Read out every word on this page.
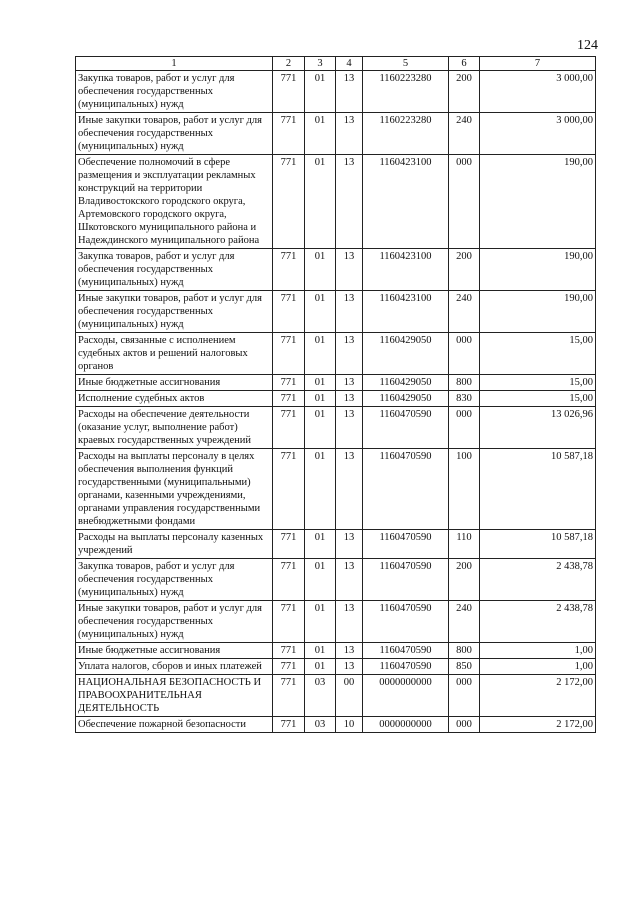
124
1	2	3	4	5	6	7
Закупка товаров, работ и услуг для обеспечения государственных (муниципальных) нужд	771	01	13	1160223280	200	3 000,00
Иные закупки товаров, работ и услуг для обеспечения государственных (муниципальных) нужд	771	01	13	1160223280	240	3 000,00
Обеспечение полномочий в сфере размещения и эксплуатации рекламных конструкций на территории Владивостокского городского округа, Артемовского городского округа, Шкотовского муниципального района и Надеждинского муниципального района	771	01	13	1160423100	000	190,00
Закупка товаров, работ и услуг для обеспечения государственных (муниципальных) нужд	771	01	13	1160423100	200	190,00
Иные закупки товаров, работ и услуг для обеспечения государственных (муниципальных) нужд	771	01	13	1160423100	240	190,00
Расходы, связанные с исполнением судебных актов и решений налоговых органов	771	01	13	1160429050	000	15,00
Иные бюджетные ассигнования	771	01	13	1160429050	800	15,00
Исполнение судебных актов	771	01	13	1160429050	830	15,00
Расходы на обеспечение деятельности (оказание услуг, выполнение работ) краевых государственных учреждений	771	01	13	1160470590	000	13 026,96
Расходы на выплаты персоналу в целях обеспечения выполнения функций государственными (муниципальными) органами, казенными учреждениями, органами управления государственными внебюджетными фондами	771	01	13	1160470590	100	10 587,18
Расходы на выплаты персоналу казенных учреждений	771	01	13	1160470590	110	10 587,18
Закупка товаров, работ и услуг для обеспечения государственных (муниципальных) нужд	771	01	13	1160470590	200	2 438,78
Иные закупки товаров, работ и услуг для обеспечения государственных (муниципальных) нужд	771	01	13	1160470590	240	2 438,78
Иные бюджетные ассигнования	771	01	13	1160470590	800	1,00
Уплата налогов, сборов и иных платежей	771	01	13	1160470590	850	1,00
НАЦИОНАЛЬНАЯ БЕЗОПАСНОСТЬ И ПРАВООХРАНИТЕЛЬНАЯ ДЕЯТЕЛЬНОСТЬ	771	03	00	0000000000	000	2 172,00
Обеспечение пожарной безопасности	771	03	10	0000000000	000	2 172,00
